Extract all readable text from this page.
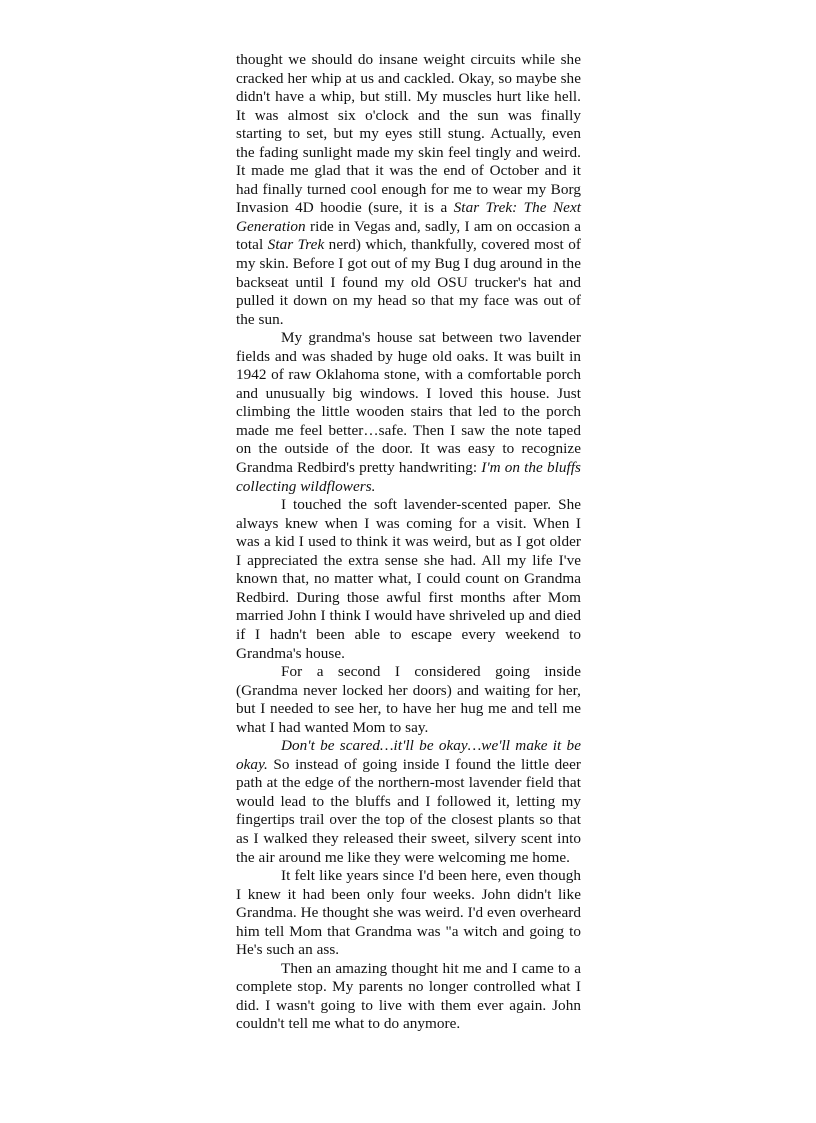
thought we should do insane weight circuits while she cracked her whip at us and cackled. Okay, so maybe she didn't have a whip, but still. My muscles hurt like hell. It was almost six o'clock and the sun was finally starting to set, but my eyes still stung. Actually, even the fading sunlight made my skin feel tingly and weird. It made me glad that it was the end of October and it had finally turned cool enough for me to wear my Borg Invasion 4D hoodie (sure, it is a Star Trek: The Next Generation ride in Vegas and, sadly, I am on occasion a total Star Trek nerd) which, thankfully, covered most of my skin. Before I got out of my Bug I dug around in the backseat until I found my old OSU trucker's hat and pulled it down on my head so that my face was out of the sun.

My grandma's house sat between two lavender fields and was shaded by huge old oaks. It was built in 1942 of raw Oklahoma stone, with a comfortable porch and unusually big windows. I loved this house. Just climbing the little wooden stairs that led to the porch made me feel better…safe. Then I saw the note taped on the outside of the door. It was easy to recognize Grandma Redbird's pretty handwriting: I'm on the bluffs collecting wildflowers.

I touched the soft lavender-scented paper. She always knew when I was coming for a visit. When I was a kid I used to think it was weird, but as I got older I appreciated the extra sense she had. All my life I've known that, no matter what, I could count on Grandma Redbird. During those awful first months after Mom married John I think I would have shriveled up and died if I hadn't been able to escape every weekend to Grandma's house.

For a second I considered going inside (Grandma never locked her doors) and waiting for her, but I needed to see her, to have her hug me and tell me what I had wanted Mom to say.

Don't be scared…it'll be okay…we'll make it be okay. So instead of going inside I found the little deer path at the edge of the northern-most lavender field that would lead to the bluffs and I followed it, letting my fingertips trail over the top of the closest plants so that as I walked they released their sweet, silvery scent into the air around me like they were welcoming me home.

It felt like years since I'd been here, even though I knew it had been only four weeks. John didn't like Grandma. He thought she was weird. I'd even overheard him tell Mom that Grandma was "a witch and going to He's such an ass.

Then an amazing thought hit me and I came to a complete stop. My parents no longer controlled what I did. I wasn't going to live with them ever again. John couldn't tell me what to do anymore.
